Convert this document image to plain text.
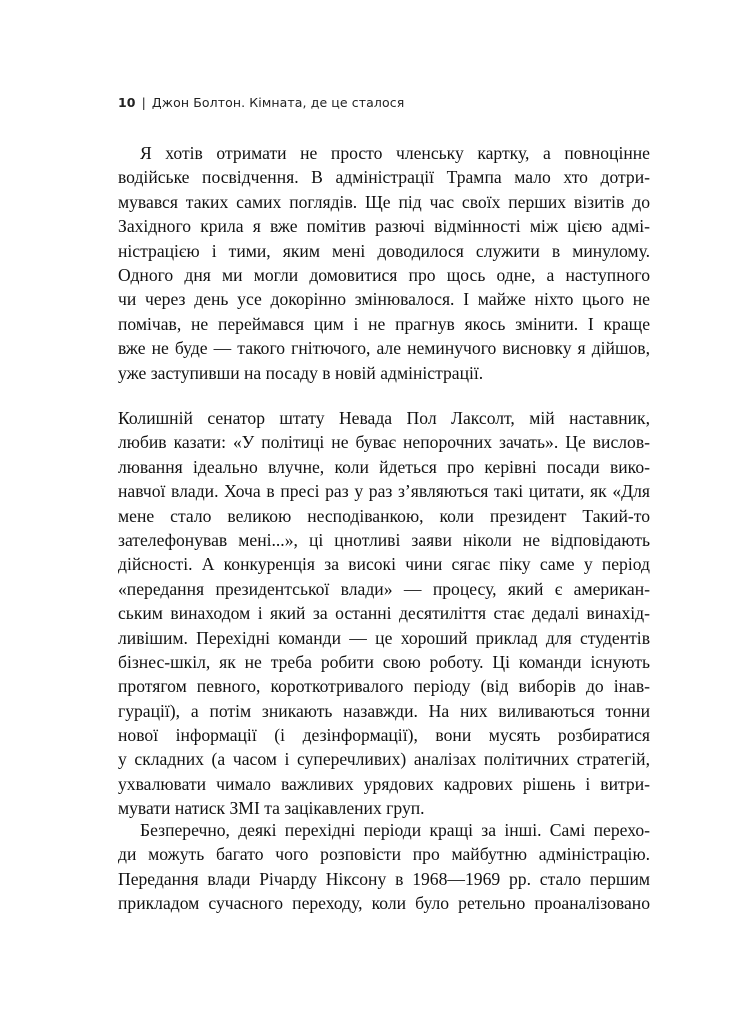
10 | Джон Болтон. Кімната, де це сталося
Я хотів отримати не просто членську картку, а повноцінне
водійське посвідчення. В адміністрації Трампа мало хто дотри-
мувався таких самих поглядів. Ще під час своїх перших візитів до
Західного крила я вже помітив разючі відмінності між цією адмі-
ністрацією і тими, яким мені доводилося служити в минулому.
Одного дня ми могли домовитися про щось одне, а наступного
чи через день усе докорінно змінювалося. І майже ніхто цього не
помічав, не переймався цим і не прагнув якось змінити. І краще
вже не буде — такого гнітючого, але неминучого висновку я дійшов,
уже заступивши на посаду в новій адміністрації.
Колишній сенатор штату Невада Пол Лаксолт, мій наставник,
любив казати: «У політиці не буває непорочних зачать». Це вислов-
лювання ідеально влучне, коли йдеться про керівні посади вико-
навчої влади. Хоча в пресі раз у раз з’являються такі цитати, як «Для
мене стало великою несподіванкою, коли президент Такий-то
зателефонував мені...», ці цнотливі заяви ніколи не відповідають
дійсності. А конкуренція за високі чини сягає піку саме у період
«передання президентської влади» — процесу, який є американ-
ським винаходом і який за останні десятиліття стає дедалі винахід-
ливішим. Перехідні команди — це хороший приклад для студентів
бізнес-шкіл, як не треба робити свою роботу. Ці команди існують
протягом певного, короткотривалого періоду (від виборів до інав-
гурації), а потім зникають назавжди. На них виливаються тонни
нової інформації (і дезінформації), вони мусять розбиратися
у складних (а часом і суперечливих) аналізах політичних стратегій,
ухвалювати чимало важливих урядових кадрових рішень і витри-
мувати натиск ЗМІ та зацікавлених груп.
Безперечно, деякі перехідні періоди кращі за інші. Самі перехо-
ди можуть багато чого розповісти про майбутню адміністрацію.
Передання влади Річарду Ніксону в 1968—1969 рр. стало першим
прикладом сучасного переходу, коли було ретельно проаналізовано
